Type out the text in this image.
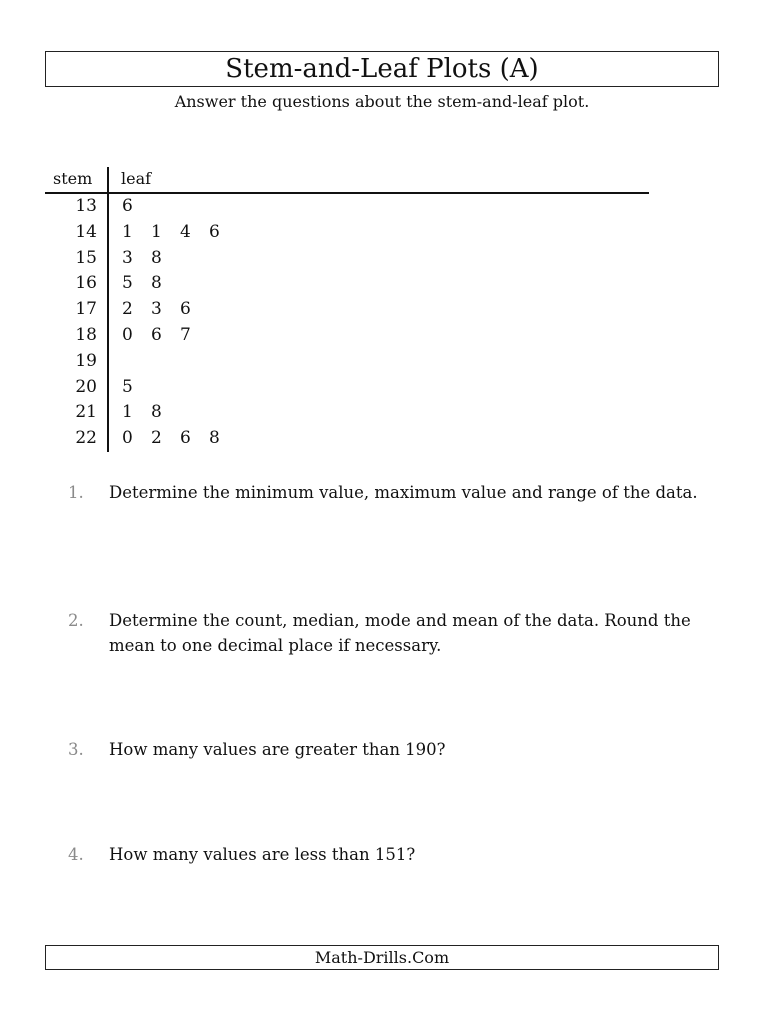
Stem-and-Leaf Plots (A)
Answer the questions about the stem-and-leaf plot.
stem leaf
13 6
14 1 1 4 6
15 3 8
16 5 8
17 2 3 6
18 0 6 7
19
20 5
21 1 8
22 0 2 6 8
1.	Determine the minimum value, maximum value and range of the data.
2.	Determine the count, median, mode and mean of the data. Round the mean to one decimal place if necessary.
3.	How many values are greater than 190?
4.	How many values are less than 151?
Math-Drills.Com
